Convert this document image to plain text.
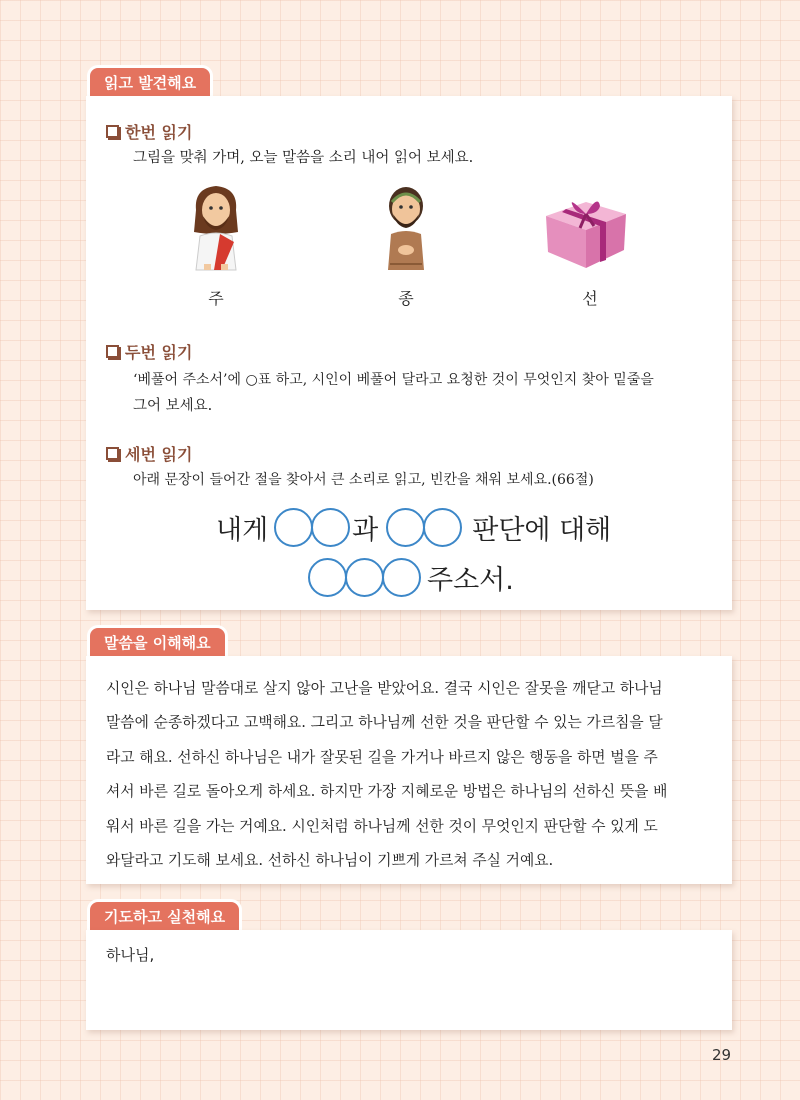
읽고 발견해요
한번 읽기
그림을 맞춰 가며, 오늘 말씀을 소리 내어 읽어 보세요.
주	종	선
두번 읽기
‘베풀어 주소서’에 ○표 하고, 시인이 베풀어 달라고 요청한 것이 무엇인지 찾아 밑줄을
그어 보세요.
세번 읽기
아래 문장이 들어간 절을 찾아서 큰 소리로 읽고, 빈칸을 채워 보세요.(66절)
내게	과	판단에 대해
주소서.
말씀을 이해해요

시인은 하나님 말씀대로 살지 않아 고난을 받았어요. 결국 시인은 잘못을 깨닫고 하나님

말씀에 순종하겠다고 고백해요. 그리고 하나님께 선한 것을 판단할 수 있는 가르침을 달

라고 해요. 선하신 하나님은 내가 잘못된 길을 가거나 바르지 않은 행동을 하면 벌을 주

셔서 바른 길로 돌아오게 하세요. 하지만 가장 지혜로운 방법은 하나님의 선하신 뜻을 배

워서 바른 길을 가는 거예요. 시인처럼 하나님께 선한 것이 무엇인지 판단할 수 있게 도

와달라고 기도해 보세요. 선하신 하나님이 기쁘게 가르쳐 주실 거예요.

기도하고 실천해요
하나님,
29
